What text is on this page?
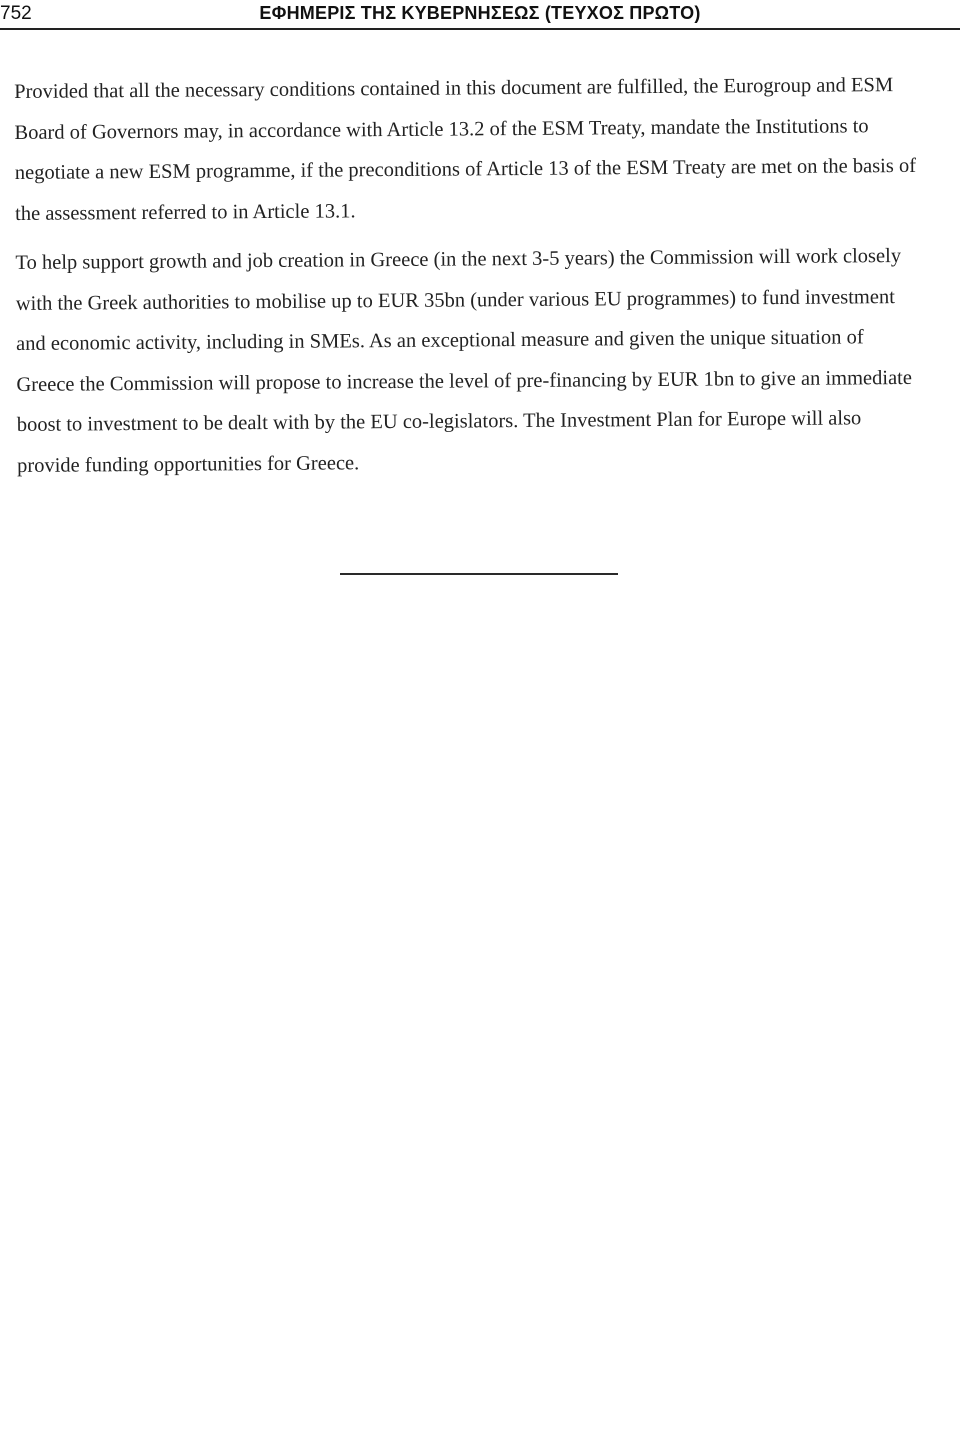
752	ΕΦΗΜΕΡΙΣ ΤΗΣ ΚΥΒΕΡΝΗΣΕΩΣ (ΤΕΥΧΟΣ ΠΡΩΤΟ)

Provided that all the necessary conditions contained in this document are fulfilled, the Eurogroup and ESM Board of Governors may, in accordance with Article 13.2 of the ESM Treaty, mandate the Institutions to negotiate a new ESM programme, if the preconditions of Article 13 of the ESM Treaty are met on the basis of the assessment referred to in Article 13.1.

To help support growth and job creation in Greece (in the next 3-5 years) the Commission will work closely with the Greek authorities to mobilise up to EUR 35bn (under various EU programmes) to fund investment and economic activity, including in SMEs. As an exceptional measure and given the unique situation of Greece the Commission will propose to increase the level of pre-financing by EUR 1bn to give an immediate boost to investment to be dealt with by the EU co-legislators. The Investment Plan for Europe will also provide funding opportunities for Greece.
